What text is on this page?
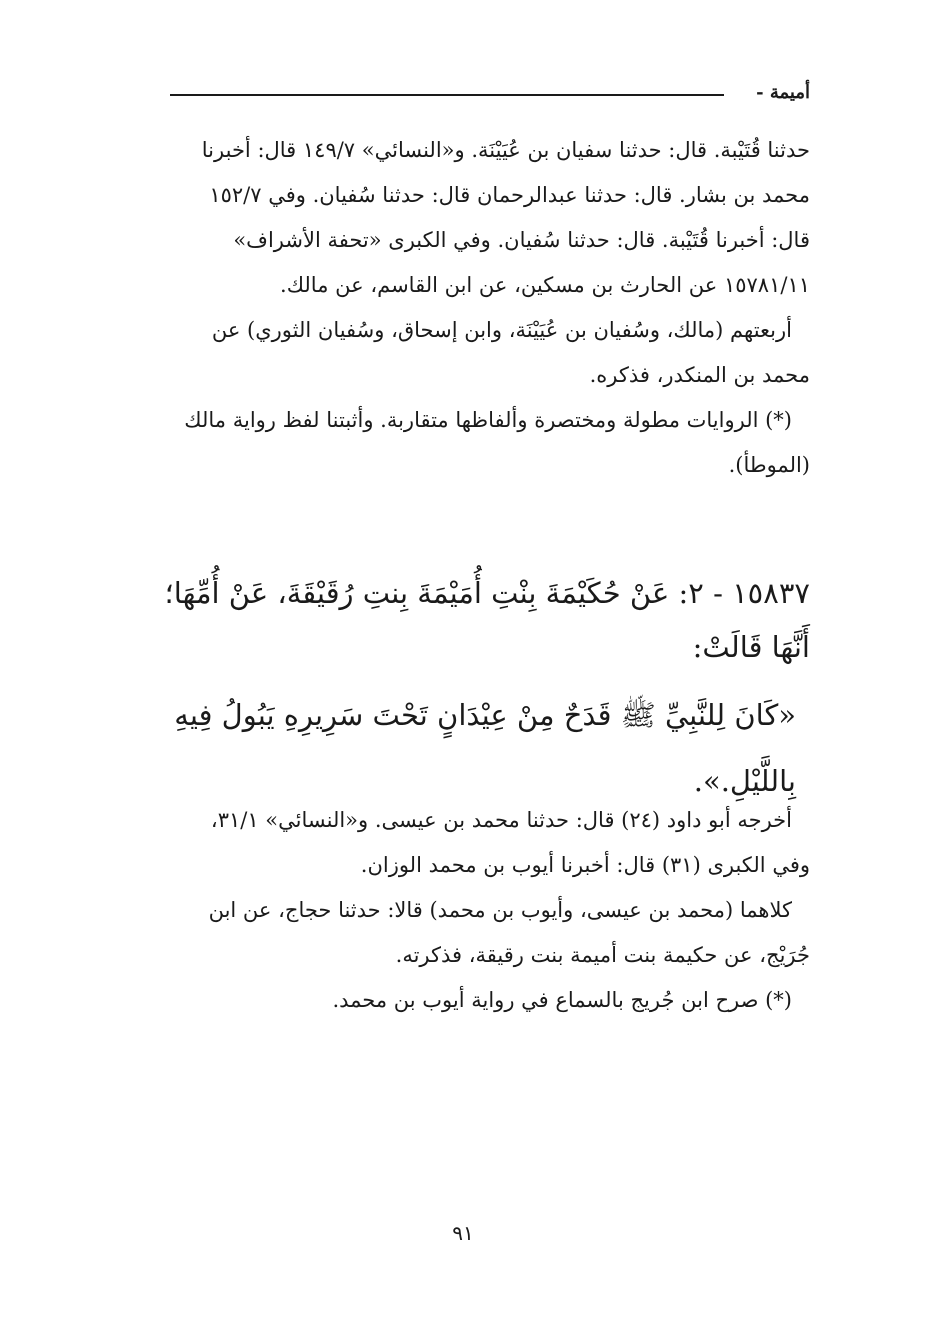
أميمة -

حدثنا قُتَيْبة. قال: حدثنا سفيان بن عُيَيْنَة. و«النسائي» ١٤٩/٧ قال: أخبرنا

محمد بن بشار. قال: حدثنا عبدالرحمان قال: حدثنا سُفيان. وفي ١٥٢/٧

قال: أخبرنا قُتَيْبة. قال: حدثنا سُفيان. وفي الكبرى «تحفة الأشراف»

١٥٧٨١/١١ عن الحارث بن مسكين، عن ابن القاسم، عن مالك.

أربعتهم (مالك، وسُفيان بن عُيَيْنَة، وابن إسحاق، وسُفيان الثوري) عن

محمد بن المنكدر، فذكره.

(*) الروايات مطولة ومختصرة وألفاظها متقاربة. وأثبتنا لفظ رواية مالك

(الموطأ).

١٥٨٣٧ - ٢: عَنْ حُكَيْمَةَ بِنْتِ أُمَيْمَةَ بِنتِ رُقَيْقَةَ، عَنْ أُمِّهَا؛

أَنَّهَا قَالَتْ:

«كَانَ لِلنَّبِيِّ ﷺ قَدَحٌ مِنْ عِيْدَانٍ تَحْتَ سَرِيرِهِ يَبُولُ فِيهِ

بِاللَّيْلِ.».

أخرجه أبو داود (٢٤) قال: حدثنا محمد بن عيسى. و«النسائي» ٣١/١،

وفي الكبرى (٣١) قال: أخبرنا أيوب بن محمد الوزان.

كلاهما (محمد بن عيسى، وأيوب بن محمد) قالا: حدثنا حجاج، عن ابن

جُرَيْج، عن حكيمة بنت أميمة بنت رقيقة، فذكرته.

(*) صرح ابن جُريج بالسماع في رواية أيوب بن محمد.

٩١
